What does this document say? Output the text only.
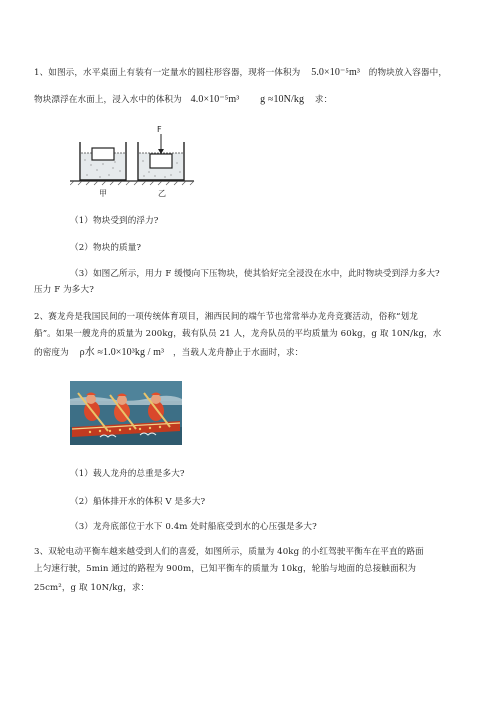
1、如图示，水平桌面上有装有一定量水的圆柱形容器，现将一体积为 5.0×10⁻⁵m³ 的物块放入容器中，
物块漂浮在水面上，浸入水中的体积为 4.0×10⁻⁵m³ g ≈10N/kg 求：
F
甲	乙
（1）物块受到的浮力?
（2）物块的质量?
（3）如图乙所示，用力 F 缓慢向下压物块，使其恰好完全浸没在水中，此时物块受到浮力多大?
压力 F 为多大?
2、赛龙舟是我国民间的一项传统体育项目，湘西民间的端午节也常常举办龙舟竞赛活动，俗称“划龙
船”。如果一艘龙舟的质量为 200kg，载有队员 21 人，龙舟队员的平均质量为 60kg，g 取 10N/kg，水
的密度为 ρ水 ≈1.0×10³kg / m³ ，当载人龙舟静止于水面时，求：
（1）载人龙舟的总重是多大?
（2）船体排开水的体积 V 是多大?
（3）龙舟底部位于水下 0.4m 处时船底受到水的心压强是多大?
3、双轮电动平衡车越来越受到人们的喜爱，如图所示，质量为 40kg 的小红驾驶平衡车在平直的路面
上匀速行驶，5min 通过的路程为 900m，已知平衡车的质量为 10kg，轮胎与地面的总接触面积为
25cm²，g 取 10N/kg，求：
